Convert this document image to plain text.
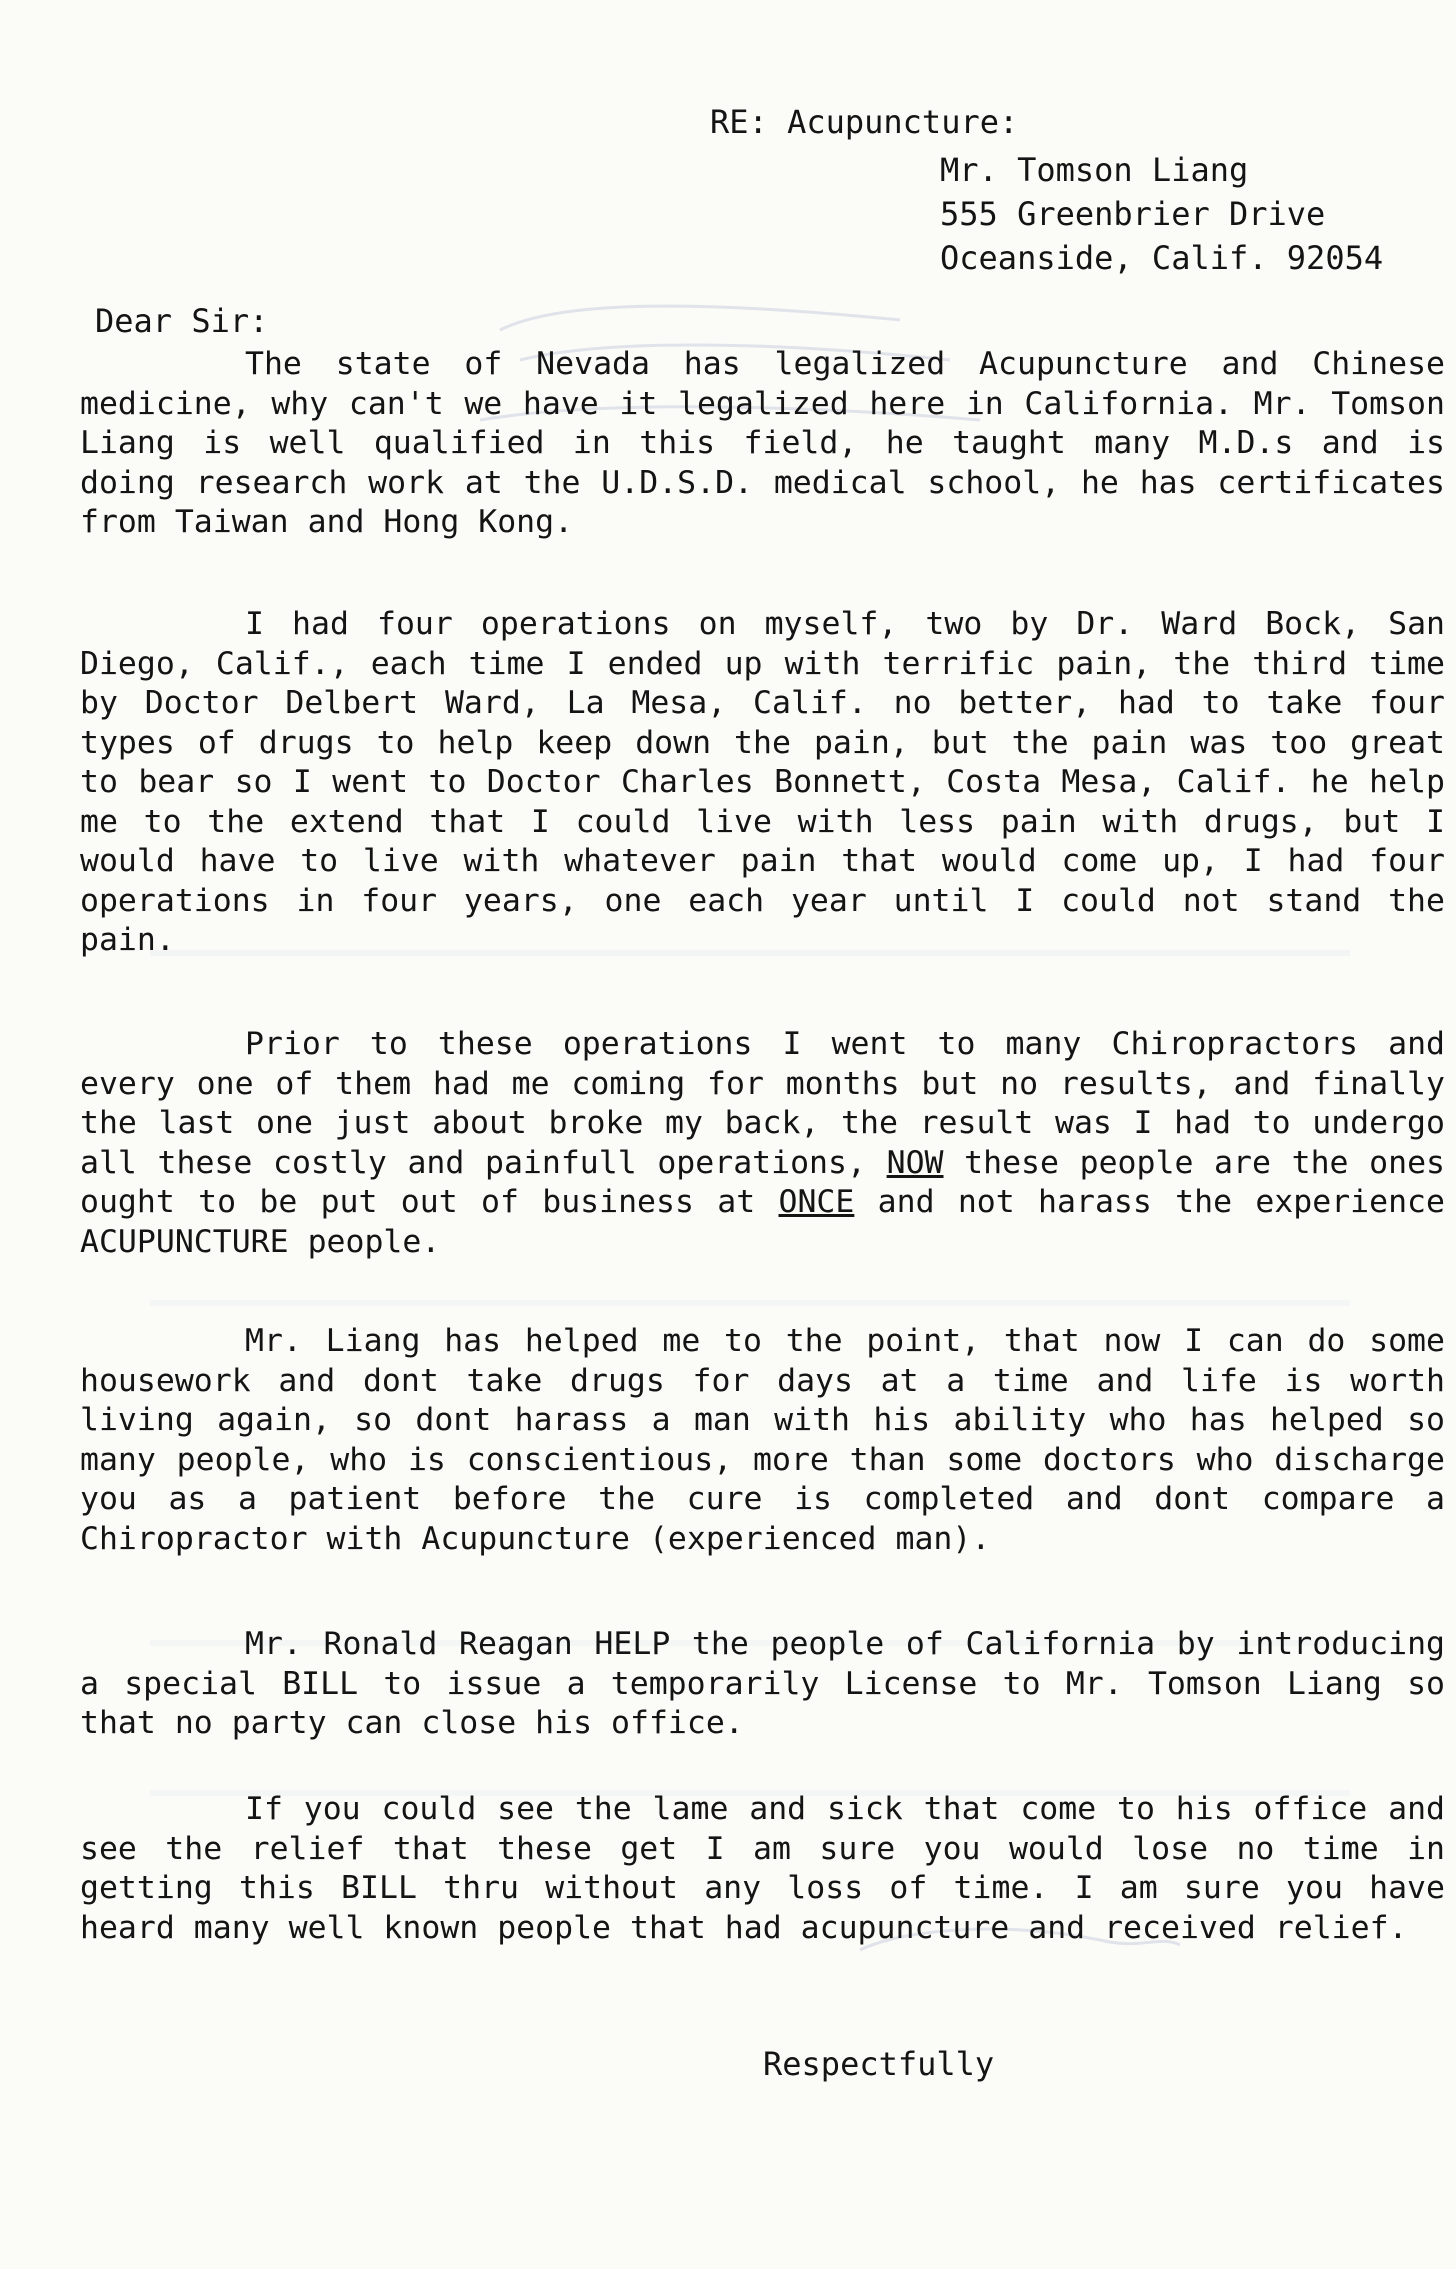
RE: Acupuncture:
Mr. Tomson Liang
555 Greenbrier Drive
Oceanside, Calif. 92054
Dear Sir:

The state of Nevada has legalized Acupuncture and Chinese medicine, why can't we have it legalized here in California. Mr. Tomson Liang is well qualified in this field, he taught many M.D.s and is doing research work at the U.D.S.D. medical school, he has certificates from Taiwan and Hong Kong.

I had four operations on myself, two by Dr. Ward Bock, San Diego, Calif., each time I ended up with terrific pain, the third time by Doctor Delbert Ward, La Mesa, Calif. no better, had to take four types of drugs to help keep down the pain, but the pain was too great to bear so I went to Doctor Charles Bonnett, Costa Mesa, Calif. he help me to the extend that I could live with less pain with drugs, but I would have to live with whatever pain that would come up, I had four operations in four years, one each year until I could not stand the pain.

Prior to these operations I went to many Chiropractors and every one of them had me coming for months but no results, and finally the last one just about broke my back, the result was I had to undergo all these costly and painfull operations, NOW these people are the ones ought to be put out of business at ONCE and not harass the experience ACUPUNCTURE people.

Mr. Liang has helped me to the point, that now I can do some housework and dont take drugs for days at a time and life is worth living again, so dont harass a man with his ability who has helped so many people, who is conscientious, more than some doctors who discharge you as a patient before the cure is completed and dont compare a Chiropractor with Acupuncture (experienced man).

Mr. Ronald Reagan HELP the people of California by introducing a special BILL to issue a temporarily License to Mr. Tomson Liang so that no party can close his office.

If you could see the lame and sick that come to his office and see the relief that these get I am sure you would lose no time in getting this BILL thru without any loss of time. I am sure you have heard many well known people that had acupuncture and received relief.

Respectfully
